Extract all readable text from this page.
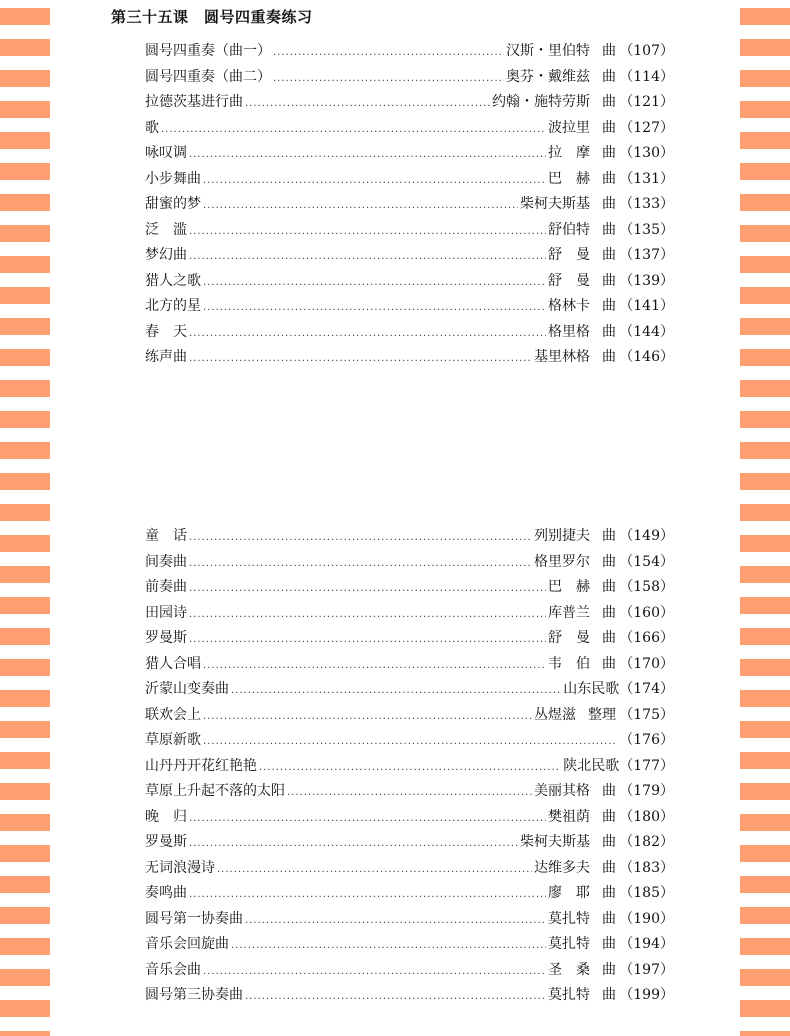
第三十五课　圆号四重奏练习
圆号四重奏（曲一） .....	汉斯・里伯特 曲 （107）
圆号四重奏（曲二） .....	奥芬・戴维兹 曲 （114）
拉德茨基进行曲 .....	约翰・施特劳斯 曲 （121）
歌 .....	波拉里 曲 （127）
咏叹调 .....	拉　摩 曲 （130）
小步舞曲 .....	巴　赫 曲 （131）
甜蜜的梦 .....	柴柯夫斯基 曲 （133）
泛　滥 .....	舒伯特 曲 （135）
梦幻曲 .....	舒　曼 曲 （137）
猎人之歌 .....	舒　曼 曲 （139）
北方的星 .....	格林卡 曲 （141）
春　天 .....	格里格 曲 （144）
练声曲 .....	基里林格 曲 （146）
童　话 .....	列别捷夫 曲 （149）
间奏曲 .....	格里罗尔 曲 （154）
前奏曲 .....	巴　赫 曲 （158）
田园诗 .....	库普兰 曲 （160）
罗曼斯 .....	舒　曼 曲 （166）
猎人合唱 .....	韦　伯 曲 （170）
沂蒙山变奏曲 .....	山东民歌 （174）
联欢会上 .....	丛煜滋 整理 （175）
草原新歌 .....	（176）
山丹丹开花红艳艳 .....	陕北民歌 （177）
草原上升起不落的太阳 .....	美丽其格 曲 （179）
晚　归 .....	樊祖荫 曲 （180）
罗曼斯 .....	柴柯夫斯基 曲 （182）
无词浪漫诗 .....	达维多夫 曲 （183）
奏鸣曲 .....	廖　耶 曲 （185）
圆号第一协奏曲 .....	莫扎特 曲 （190）
音乐会回旋曲 .....	莫扎特 曲 （194）
音乐会曲 .....	圣　桑 曲 （197）
圆号第三协奏曲 .....	莫扎特 曲 （199）
